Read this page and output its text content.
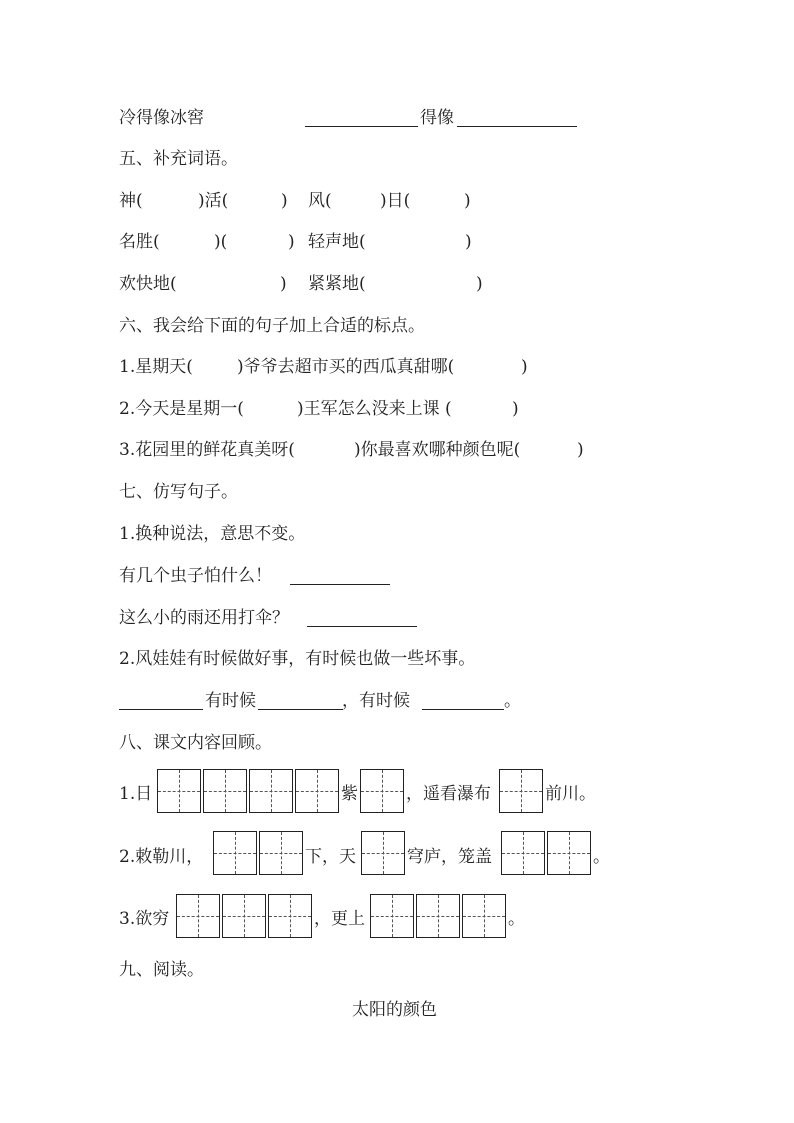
冷得像冰窖	得像
五、补充词语。
神(	)活(	) 风(	)日(	)
名胜(	)(	) 轻声地(	)
欢快地(	) 紧紧地(	)
六、我会给下面的句子加上合适的标点。
1.星期天(	)爷爷去超市买的西瓜真甜哪(	)
2.今天是星期一(	)王军怎么没来上课 (	)
3.花园里的鲜花真美呀(	)你最喜欢哪种颜色呢(	)
七、仿写句子。
1.换种说法，意思不变。
有几个虫子怕什么！
这么小的雨还用打伞？
2.风娃娃有时候做好事，有时候也做一些坏事。
有时候	，有时候	。
八、课文内容回顾。
1.日	紫	，遥看瀑布	前川。
2.敕勒川，	下，天	穹庐，笼盖	。
3.欲穷	，更上	。
九、阅读。
太阳的颜色
